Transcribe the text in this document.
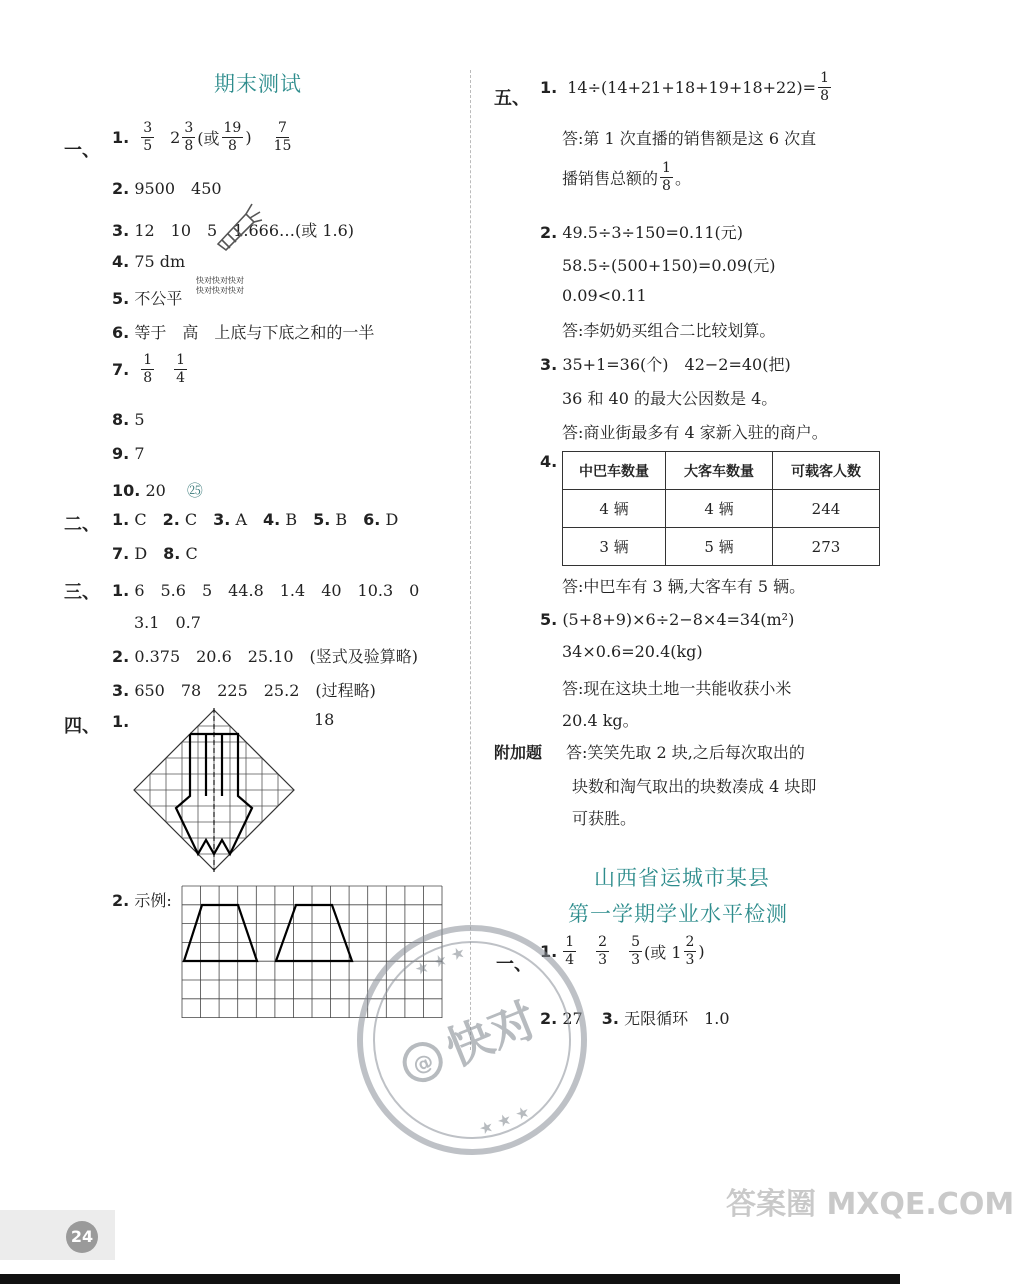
期末测试
一、
1. $\frac{3}{5} 2 \frac{3}{8}$ (或 $\frac{19}{8}$ ) $\frac{7}{15}$
2. 9500　450
3. 12　10　5　1.666…(或 1.6)
4. 75 dm
5. 不公平
6. 等于　高　上底与下底之和的一半
7. $\frac{1}{8} \frac{1}{4}$
8. 5
9. 7
10. 20 ㉕
二、 1. C 2. C 3. A 4. B 5. B 6. D
7. D 8. C
三、 1. 6　5.6　5　44.8　1.4　40　10.3　0
3.1　0.7
2. 0.375　20.6　25.10　(竖式及验算略)
3. 650　78　225　25.2　(过程略)
四、 1.	18
2. 示例:
五、
1. $14\div(14+21+18+19+18+22)= \frac{1}{8}$
答:第 1 次直播的销售额是这 6 次直
播销售总额的 $\frac{1}{8}$ 。
2. 49.5÷3÷150=0.11(元)
58.5÷(500+150)=0.09(元)
0.09<0.11
答:李奶奶买组合二比较划算。
3. 35+1=36(个)　42−2=40(把)
36 和 40 的最大公因数是 4。
答:商业街最多有 4 家新入驻的商户。
4.
中巴车数量	大客车数量	可载客人数
4 辆	4 辆	244
3 辆	5 辆	273
答:中巴车有 3 辆,大客车有 5 辆。
5. (5+8+9)×6÷2−8×4=34(m²)
34×0.6=20.4(kg)
答:现在这块土地一共能收获小米
20.4 kg。
附加题 答:笑笑先取 2 块,之后每次取出的
块数和淘气取出的块数凑成 4 块即
可获胜。
山西省运城市某县
第一学期学业水平检测
一、
1. $\frac{1}{4} \frac{2}{3} \frac{5}{3}$ (或 $1 \frac{2}{3}$ )
2. 27 3. 无限循环　1.0
快对快对快对
快对快对快对
快对
@
★ ★ ★
★ ★ ★
答案圈 MXQE.COM
24
